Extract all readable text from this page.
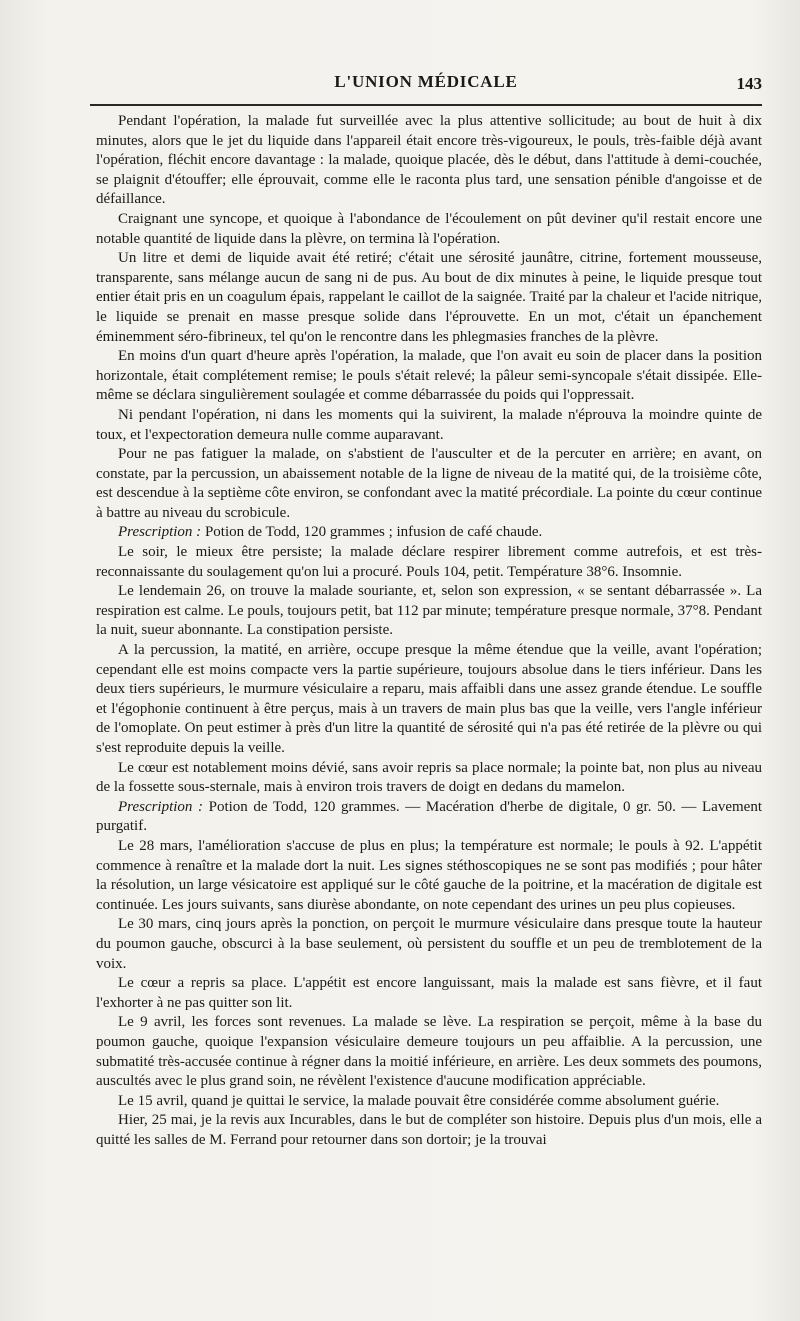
L'UNION MÉDICALE	143

Pendant l'opération, la malade fut surveillée avec la plus attentive sollicitude; au bout de huit à dix minutes, alors que le jet du liquide dans l'appareil était encore très-vigoureux, le pouls, très-faible déjà avant l'opération, fléchit encore davantage : la malade, quoique placée, dès le début, dans l'attitude à demi-couchée, se plaignit d'étouffer; elle éprouvait, comme elle le raconta plus tard, une sensation pénible d'angoisse et de défaillance.

Craignant une syncope, et quoique à l'abondance de l'écoulement on pût deviner qu'il restait encore une notable quantité de liquide dans la plèvre, on termina là l'opération.

Un litre et demi de liquide avait été retiré; c'était une sérosité jaunâtre, citrine, fortement mousseuse, transparente, sans mélange aucun de sang ni de pus. Au bout de dix minutes à peine, le liquide presque tout entier était pris en un coagulum épais, rappelant le caillot de la saignée. Traité par la chaleur et l'acide nitrique, le liquide se prenait en masse presque solide dans l'éprouvette. En un mot, c'était un épanchement éminemment séro-fibrineux, tel qu'on le rencontre dans les phlegmasies franches de la plèvre.

En moins d'un quart d'heure après l'opération, la malade, que l'on avait eu soin de placer dans la position horizontale, était complétement remise; le pouls s'était relevé; la pâleur semi-syncopale s'était dissipée. Elle-même se déclara singulièrement soulagée et comme débarrassée du poids qui l'oppressait.

Ni pendant l'opération, ni dans les moments qui la suivirent, la malade n'éprouva la moindre quinte de toux, et l'expectoration demeura nulle comme auparavant.

Pour ne pas fatiguer la malade, on s'abstient de l'ausculter et de la percuter en arrière; en avant, on constate, par la percussion, un abaissement notable de la ligne de niveau de la matité qui, de la troisième côte, est descendue à la septième côte environ, se confondant avec la matité précordiale. La pointe du cœur continue à battre au niveau du scrobicule.

Prescription : Potion de Todd, 120 grammes ; infusion de café chaude.

Le soir, le mieux être persiste; la malade déclare respirer librement comme autrefois, et est très-reconnaissante du soulagement qu'on lui a procuré. Pouls 104, petit. Température 38°6. Insomnie.

Le lendemain 26, on trouve la malade souriante, et, selon son expression, « se sentant débarrassée ». La respiration est calme. Le pouls, toujours petit, bat 112 par minute; température presque normale, 37°8. Pendant la nuit, sueur abonnante. La constipation persiste.

A la percussion, la matité, en arrière, occupe presque la même étendue que la veille, avant l'opération; cependant elle est moins compacte vers la partie supérieure, toujours absolue dans le tiers inférieur. Dans les deux tiers supérieurs, le murmure vésiculaire a reparu, mais affaibli dans une assez grande étendue. Le souffle et l'égophonie continuent à être perçus, mais à un travers de main plus bas que la veille, vers l'angle inférieur de l'omoplate. On peut estimer à près d'un litre la quantité de sérosité qui n'a pas été retirée de la plèvre ou qui s'est reproduite depuis la veille.

Le cœur est notablement moins dévié, sans avoir repris sa place normale; la pointe bat, non plus au niveau de la fossette sous-sternale, mais à environ trois travers de doigt en dedans du mamelon.

Prescription : Potion de Todd, 120 grammes. — Macération d'herbe de digitale, 0 gr. 50. — Lavement purgatif.

Le 28 mars, l'amélioration s'accuse de plus en plus; la température est normale; le pouls à 92. L'appétit commence à renaître et la malade dort la nuit. Les signes stéthoscopiques ne se sont pas modifiés ; pour hâter la résolution, un large vésicatoire est appliqué sur le côté gauche de la poitrine, et la macération de digitale est continuée. Les jours suivants, sans diurèse abondante, on note cependant des urines un peu plus copieuses.

Le 30 mars, cinq jours après la ponction, on perçoit le murmure vésiculaire dans presque toute la hauteur du poumon gauche, obscurci à la base seulement, où persistent du souffle et un peu de tremblotement de la voix.

Le cœur a repris sa place. L'appétit est encore languissant, mais la malade est sans fièvre, et il faut l'exhorter à ne pas quitter son lit.

Le 9 avril, les forces sont revenues. La malade se lève. La respiration se perçoit, même à la base du poumon gauche, quoique l'expansion vésiculaire demeure toujours un peu affaiblie. A la percussion, une submatité très-accusée continue à régner dans la moitié inférieure, en arrière. Les deux sommets des poumons, auscultés avec le plus grand soin, ne révèlent l'existence d'aucune modification appréciable.

Le 15 avril, quand je quittai le service, la malade pouvait être considérée comme absolument guérie.

Hier, 25 mai, je la revis aux Incurables, dans le but de compléter son histoire. Depuis plus d'un mois, elle a quitté les salles de M. Ferrand pour retourner dans son dortoir; je la trouvai
